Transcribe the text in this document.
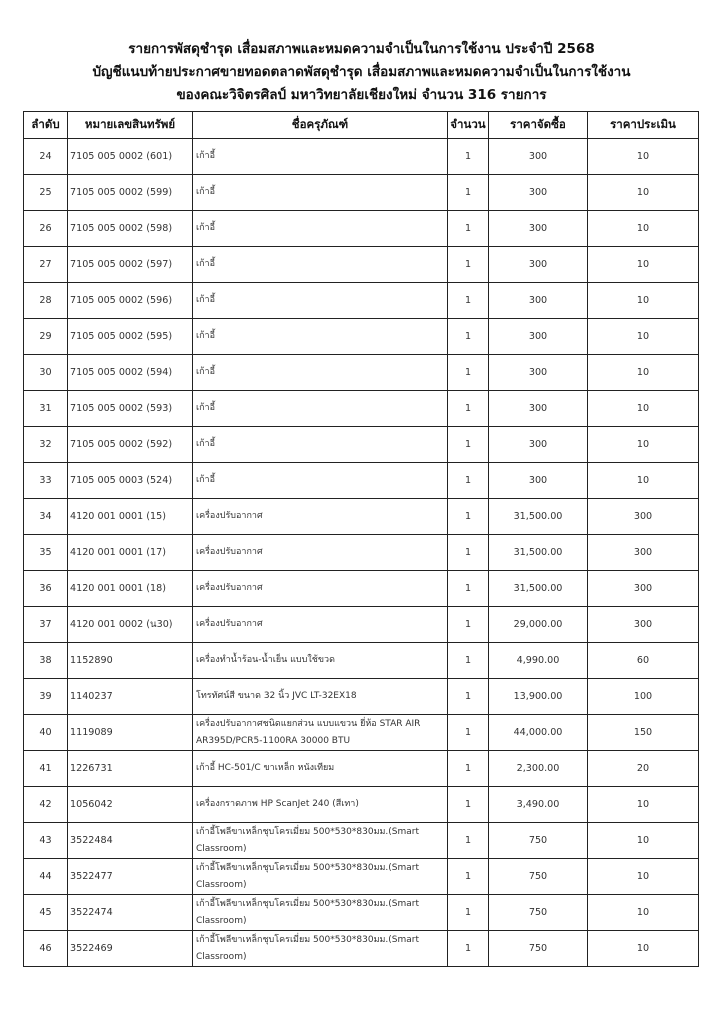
รายการพัสดุชำรุด เสื่อมสภาพและหมดความจำเป็นในการใช้งาน ประจำปี 2568
บัญชีแนบท้ายประกาศขายทอดตลาดพัสดุชำรุด เสื่อมสภาพและหมดความจำเป็นในการใช้งาน
ของคณะวิจิตรศิลป์ มหาวิทยาลัยเชียงใหม่ จำนวน 316 รายการ
ลำดับ	หมายเลขสินทรัพย์	ชื่อครุภัณฑ์	จำนวน	ราคาจัดซื้อ	ราคาประเมิน
24	7105 005 0002 (601)	เก้าอี้	1	300	10
25	7105 005 0002 (599)	เก้าอี้	1	300	10
26	7105 005 0002 (598)	เก้าอี้	1	300	10
27	7105 005 0002 (597)	เก้าอี้	1	300	10
28	7105 005 0002 (596)	เก้าอี้	1	300	10
29	7105 005 0002 (595)	เก้าอี้	1	300	10
30	7105 005 0002 (594)	เก้าอี้	1	300	10
31	7105 005 0002 (593)	เก้าอี้	1	300	10
32	7105 005 0002 (592)	เก้าอี้	1	300	10
33	7105 005 0003 (524)	เก้าอี้	1	300	10
34	4120 001 0001 (15)	เครื่องปรับอากาศ	1	31,500.00	300
35	4120 001 0001 (17)	เครื่องปรับอากาศ	1	31,500.00	300
36	4120 001 0001 (18)	เครื่องปรับอากาศ	1	31,500.00	300
37	4120 001 0002 (น30)	เครื่องปรับอากาศ	1	29,000.00	300
38	1152890	เครื่องทำน้ำร้อน-น้ำเย็น แบบใช้ขวด	1	4,990.00	60
39	1140237	โทรทัศน์สี ขนาด 32 นิ้ว JVC LT-32EX18	1	13,900.00	100
40	1119089	เครื่องปรับอากาศชนิดแยกส่วน แบบแขวน ยี่ห้อ STAR AIR AR395D/PCR5-1100RA 30000 BTU	1	44,000.00	150
41	1226731	เก้าอี้ HC-501/C ขาเหล็ก หนังเทียม	1	2,300.00	20
42	1056042	เครื่องกราดภาพ HP ScanJet 240 (สีเทา)	1	3,490.00	10
43	3522484	เก้าอี้โพลีขาเหล็กชุบโครเมี่ยม 500*530*830มม.(Smart Classroom)	1	750	10
44	3522477	เก้าอี้โพลีขาเหล็กชุบโครเมี่ยม 500*530*830มม.(Smart Classroom)	1	750	10
45	3522474	เก้าอี้โพลีขาเหล็กชุบโครเมี่ยม 500*530*830มม.(Smart Classroom)	1	750	10
46	3522469	เก้าอี้โพลีขาเหล็กชุบโครเมี่ยม 500*530*830มม.(Smart Classroom)	1	750	10
